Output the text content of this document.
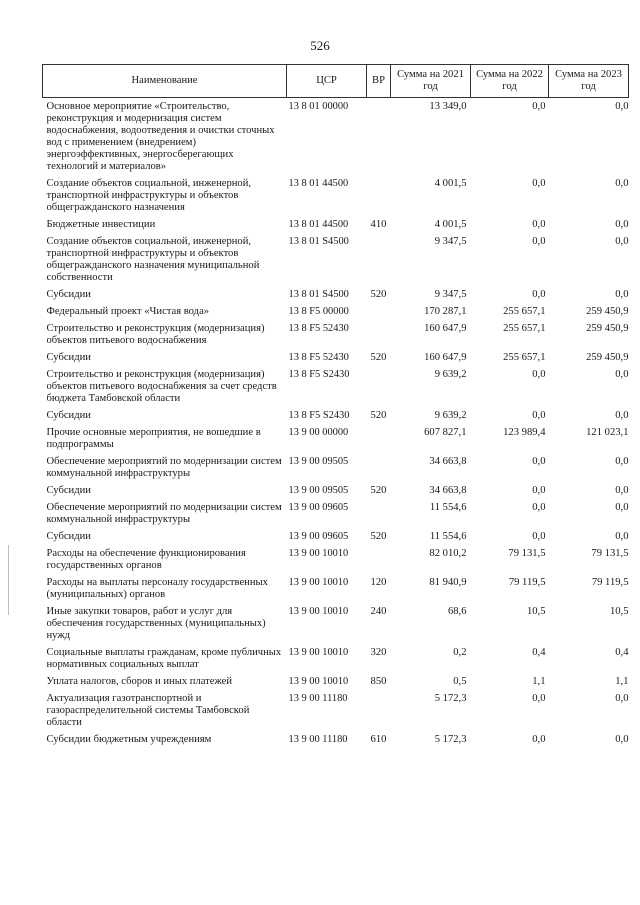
526
Наименование	ЦСР	ВР	Сумма на 2021 год	Сумма на 2022 год	Сумма на 2023 год
Основное мероприятие «Строительство, реконструкция и модернизация систем водоснабжения, водоотведения и очистки сточных вод с применением (внедрением) энергоэффективных, энергосберегающих технологий и материалов»	13 8 01 00000		13 349,0	0,0	0,0
Создание объектов социальной, инженерной, транспортной инфраструктуры и объектов общегражданского назначения	13 8 01 44500		4 001,5	0,0	0,0
Бюджетные инвестиции	13 8 01 44500	410	4 001,5	0,0	0,0
Создание объектов социальной, инженерной, транспортной инфраструктуры и объектов общегражданского назначения муниципальной собственности	13 8 01 S4500		9 347,5	0,0	0,0
Субсидии	13 8 01 S4500	520	9 347,5	0,0	0,0
Федеральный проект «Чистая вода»	13 8 F5 00000		170 287,1	255 657,1	259 450,9
Строительство и реконструкция (модернизация) объектов питьевого водоснабжения	13 8 F5 52430		160 647,9	255 657,1	259 450,9
Субсидии	13 8 F5 52430	520	160 647,9	255 657,1	259 450,9
Строительство и реконструкция (модернизация) объектов питьевого водоснабжения за счет средств бюджета Тамбовской области	13 8 F5 S2430		9 639,2	0,0	0,0
Субсидии	13 8 F5 S2430	520	9 639,2	0,0	0,0
Прочие основные мероприятия, не вошедшие в подпрограммы	13 9 00 00000		607 827,1	123 989,4	121 023,1
Обеспечение мероприятий по модернизации систем коммунальной инфраструктуры	13 9 00 09505		34 663,8	0,0	0,0
Субсидии	13 9 00 09505	520	34 663,8	0,0	0,0
Обеспечение мероприятий по модернизации систем коммунальной инфраструктуры	13 9 00 09605		11 554,6	0,0	0,0
Субсидии	13 9 00 09605	520	11 554,6	0,0	0,0
Расходы на обеспечение функционирования государственных органов	13 9 00 10010		82 010,2	79 131,5	79 131,5
Расходы на выплаты персоналу государственных (муниципальных) органов	13 9 00 10010	120	81 940,9	79 119,5	79 119,5
Иные закупки товаров, работ и услуг для обеспечения государственных (муниципальных) нужд	13 9 00 10010	240	68,6	10,5	10,5
Социальные выплаты гражданам, кроме публичных нормативных социальных выплат	13 9 00 10010	320	0,2	0,4	0,4
Уплата налогов, сборов и иных платежей	13 9 00 10010	850	0,5	1,1	1,1
Актуализация газотранспортной и газораспределительной системы Тамбовской области	13 9 00 11180		5 172,3	0,0	0,0
Субсидии бюджетным учреждениям	13 9 00 11180	610	5 172,3	0,0	0,0
